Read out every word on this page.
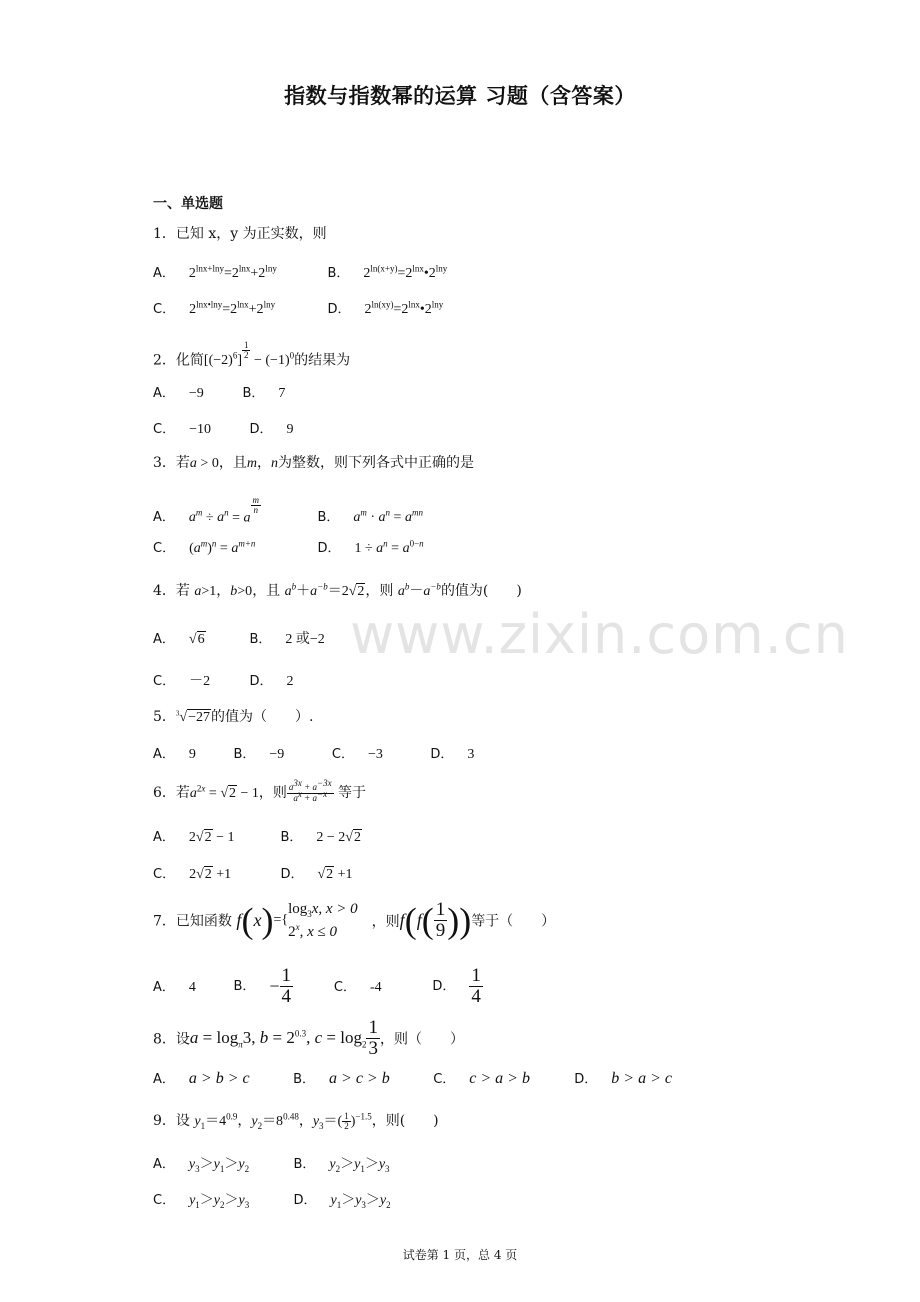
指数与指数幂的运算 习题（含答案）
一、单选题
www.zixin.com.cn
1．已知 x，y 为正实数，则
A． $2^{lnx+lny}=2^{lnx}+2^{lny}$	B． $2^{ln(x+y)}=2^{lnx}•2^{lny}$
C． $2^{lnx•lny}=2^{lnx}+2^{lny}$	D． $2^{ln(xy)}=2^{lnx}•2^{lny}$
2．化简$[(-2)^6]$
$\frac{1}{2}$
− $(-1)^0$的结果为
A． −9	B． 7
C． −10	D． 9
3．若a > 0，且m，n为整数，则下列各式中正确的是
A． $a^m \div a^n = a$
$\frac{m}{n}$
B． $a^m \cdot a^n = a^{mn}$
C． $(a^m)^n = a^{m+n}$	D． $1 \div a^n = a^{0-n}$
4．若 a>1，b>0，且 $a^b+a^{-b}=2√2$，则 $a^b-a^{-b}$的值为(　　)
A． √6	B． 2 或−2
C． －2	D． 2
5．$^3$√−27的值为（　　）.
A． 9	B． −9	C． −3	D． 3
6．若$a^{2x} = √2 - 1$，则 $\frac{a^{3x} + a^{-3x}}{a^x + a^{-x}}$ 等于
A． 2√2 − 1	B． 2 − 2√2
C． 2√2 +1	D． √2 +1
7．已知函数 f(x)={
$\log_3x$, x > 0
2$^x$, x ≤ 0
，则$f(f( \frac{1}{9}$ ))等于（　　）
A． 4	B． − $\frac{1}{4}$	C． -4	D． $\frac{1}{4}$
8．设$a = \log_\pi 3$, $b = 2^{0.3}$, $c = \log_2 \frac{1}{3}$ ，则（　　）
A． a > b > c	B． a > c > b	C． c > a > b	D． b > a > c
9．设 $y_1=4^{0.9}$，$y_2=8^{0.48}$，$y_3=( \frac{1}{2} )^{-1.5}$，则(　　)
A． $y_3>y_1>y_2$	B． $y_2>y_1>y_3$
C． $y_1>y_2>y_3$	D． $y_1>y_3>y_2$
试卷第 1 页，总 4 页
